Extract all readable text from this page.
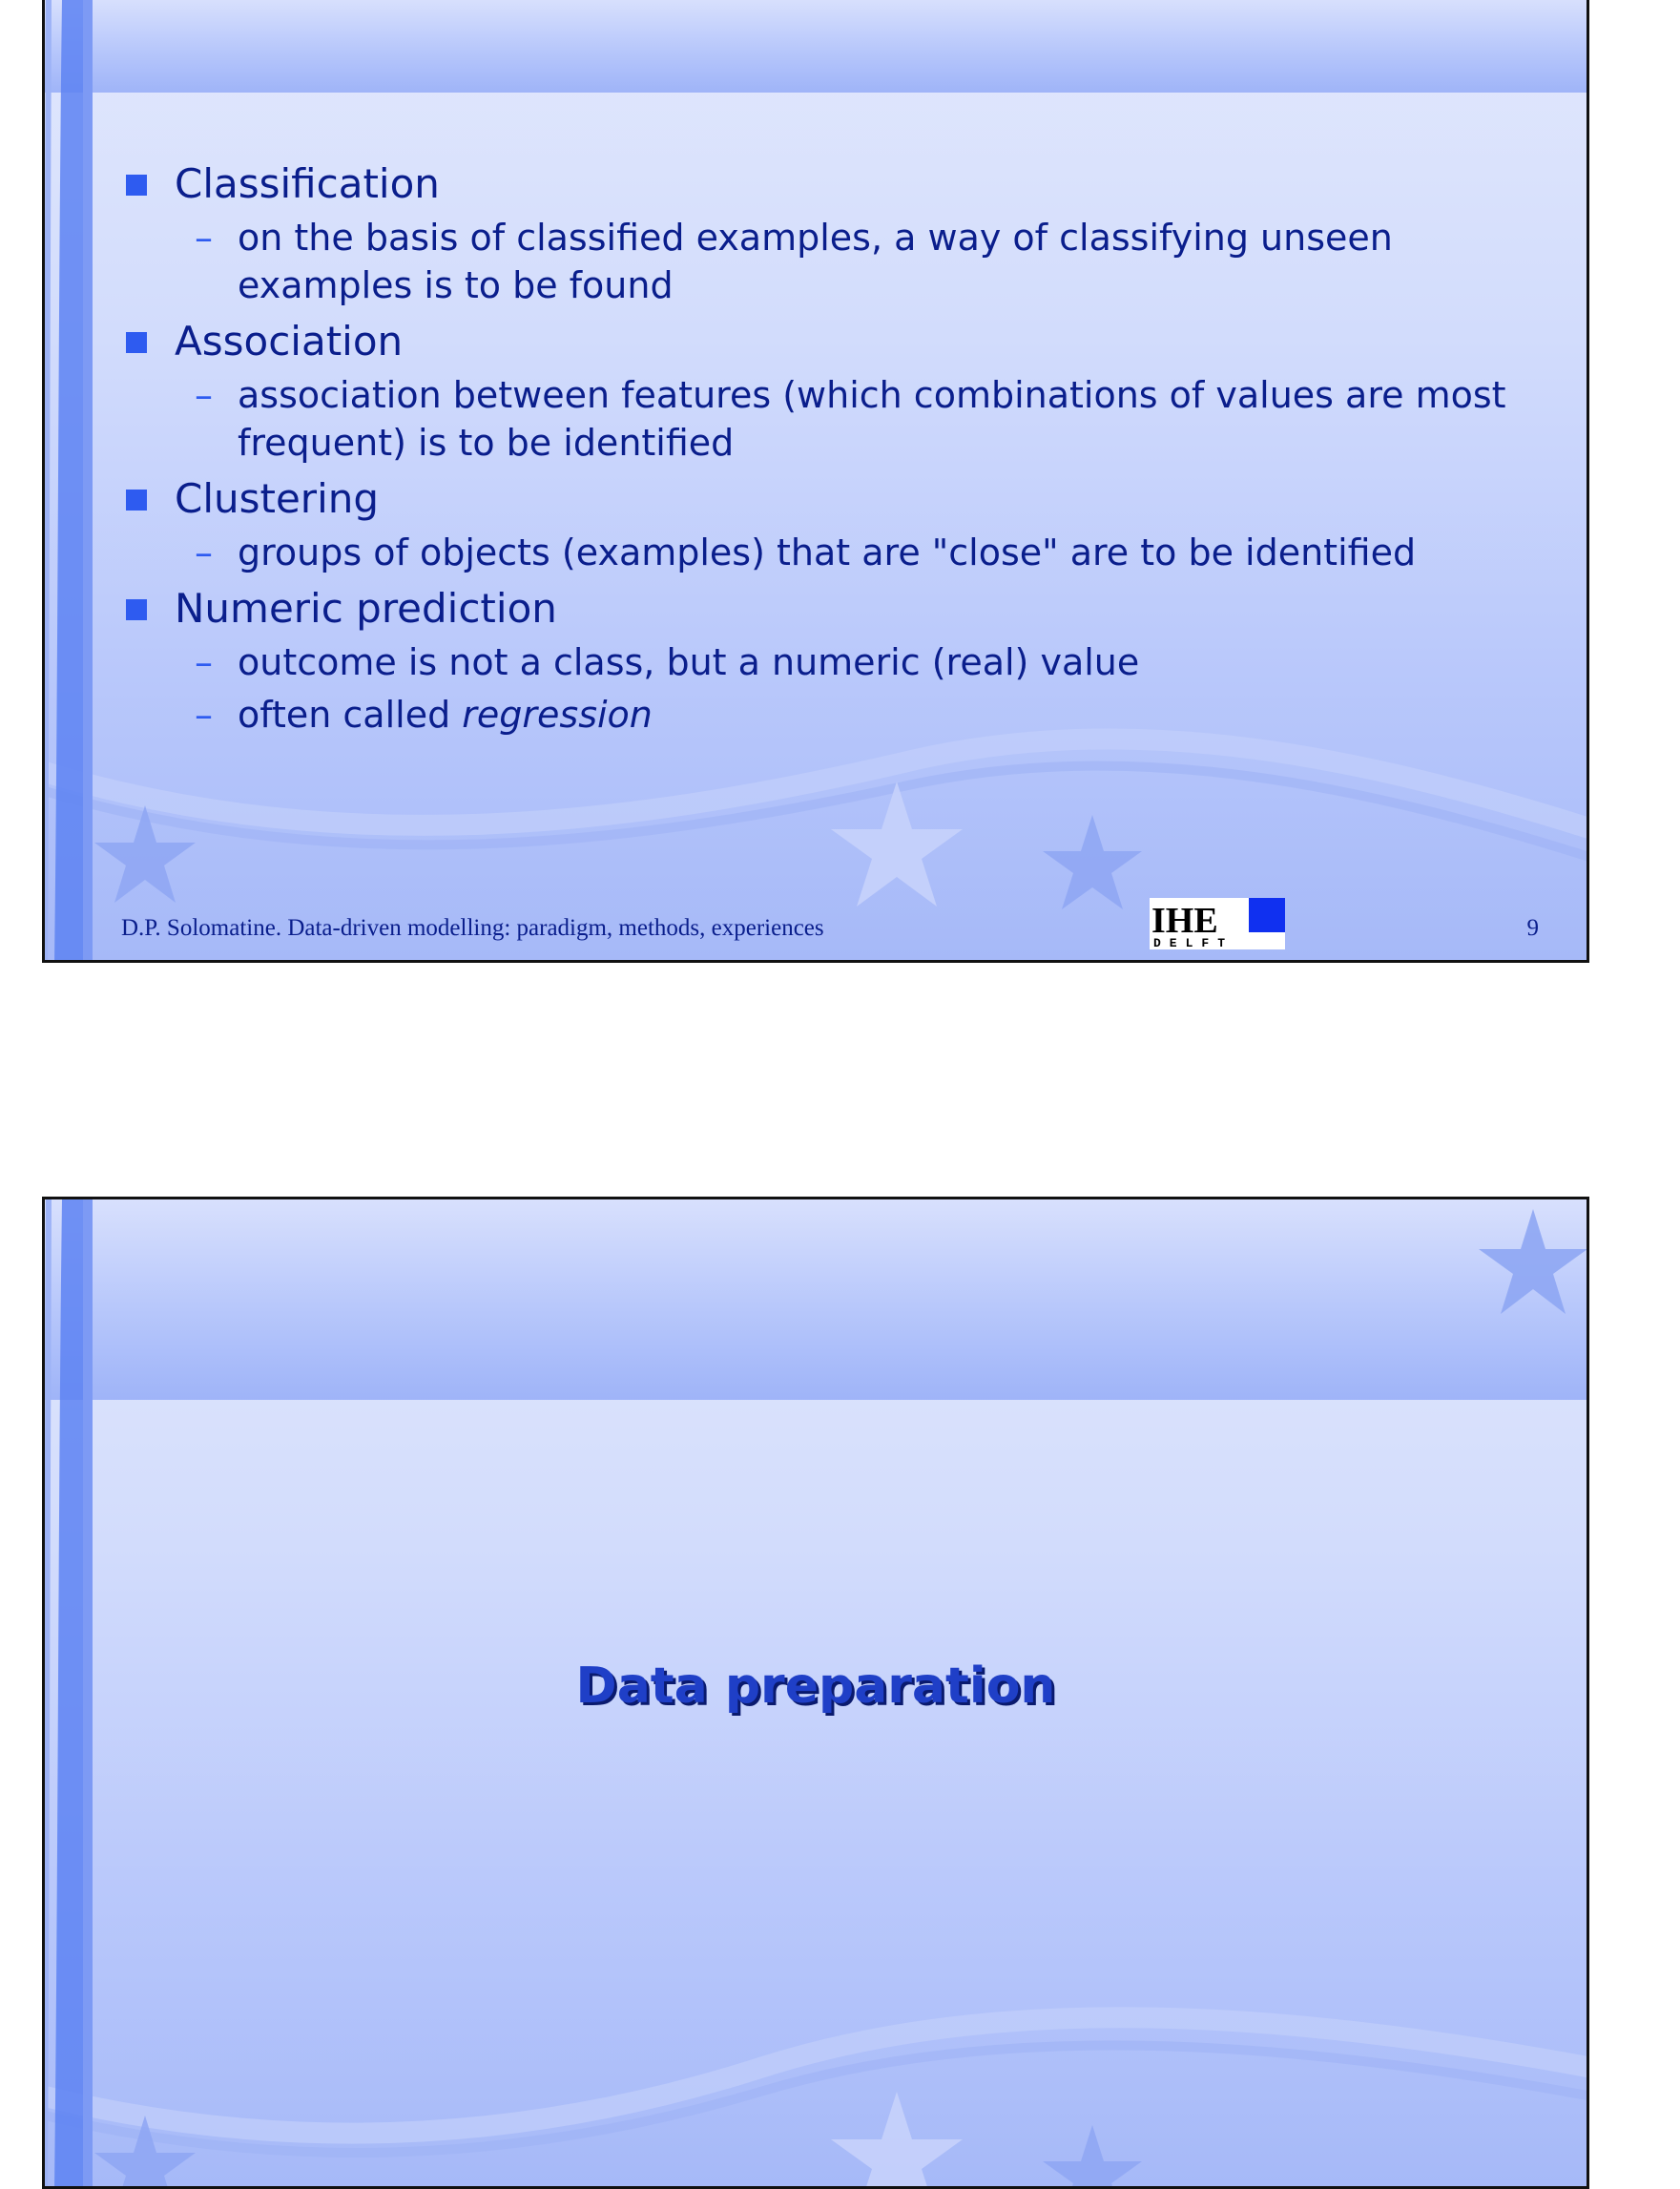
Classification
– on the basis of classified examples, a way of classifying unseen examples is to be found
Association
– association between features (which combinations of values are most frequent) is to be identified
Clustering
– groups of objects (examples) that are "close" are to be identified
Numeric prediction
– outcome is not a class, but a numeric (real) value
– often called regression
D.P. Solomatine. Data-driven modelling: paradigm, methods, experiences	IHE
DELFT
9
Data preparation
